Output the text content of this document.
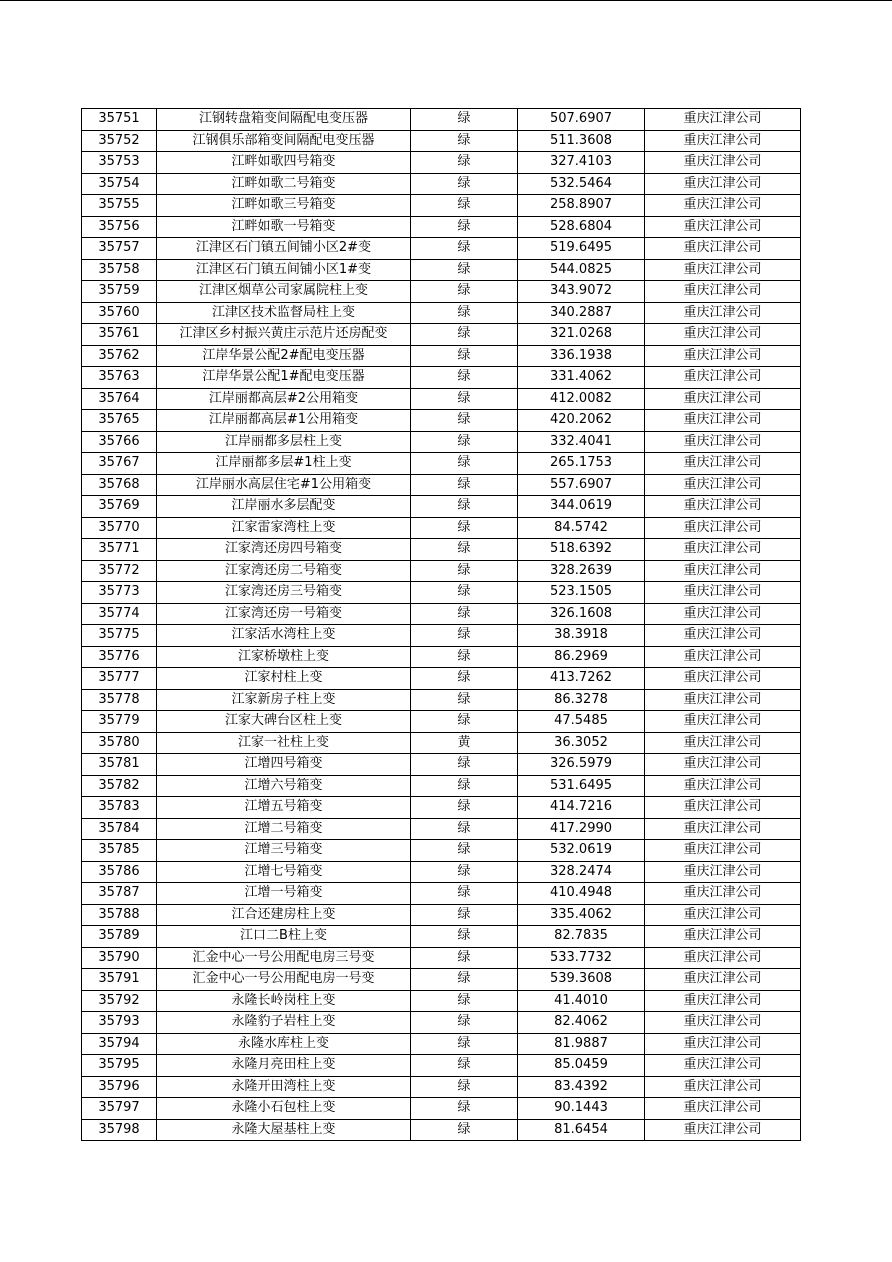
35751	江钢转盘箱变间隔配电变压器	绿	507.6907	重庆江津公司
35752	江钢俱乐部箱变间隔配电变压器	绿	511.3608	重庆江津公司
35753	江畔如歌四号箱变	绿	327.4103	重庆江津公司
35754	江畔如歌二号箱变	绿	532.5464	重庆江津公司
35755	江畔如歌三号箱变	绿	258.8907	重庆江津公司
35756	江畔如歌一号箱变	绿	528.6804	重庆江津公司
35757	江津区石门镇五间铺小区2#变	绿	519.6495	重庆江津公司
35758	江津区石门镇五间铺小区1#变	绿	544.0825	重庆江津公司
35759	江津区烟草公司家属院柱上变	绿	343.9072	重庆江津公司
35760	江津区技术监督局柱上变	绿	340.2887	重庆江津公司
35761	江津区乡村振兴黄庄示范片还房配变	绿	321.0268	重庆江津公司
35762	江岸华景公配2#配电变压器	绿	336.1938	重庆江津公司
35763	江岸华景公配1#配电变压器	绿	331.4062	重庆江津公司
35764	江岸丽都高层#2公用箱变	绿	412.0082	重庆江津公司
35765	江岸丽都高层#1公用箱变	绿	420.2062	重庆江津公司
35766	江岸丽都多层柱上变	绿	332.4041	重庆江津公司
35767	江岸丽都多层#1柱上变	绿	265.1753	重庆江津公司
35768	江岸丽水高层住宅#1公用箱变	绿	557.6907	重庆江津公司
35769	江岸丽水多层配变	绿	344.0619	重庆江津公司
35770	江家雷家湾柱上变	绿	84.5742	重庆江津公司
35771	江家湾还房四号箱变	绿	518.6392	重庆江津公司
35772	江家湾还房二号箱变	绿	328.2639	重庆江津公司
35773	江家湾还房三号箱变	绿	523.1505	重庆江津公司
35774	江家湾还房一号箱变	绿	326.1608	重庆江津公司
35775	江家活水湾柱上变	绿	38.3918	重庆江津公司
35776	江家桥墩柱上变	绿	86.2969	重庆江津公司
35777	江家村柱上变	绿	413.7262	重庆江津公司
35778	江家新房子柱上变	绿	86.3278	重庆江津公司
35779	江家大碑台区柱上变	绿	47.5485	重庆江津公司
35780	江家一社柱上变	黄	36.3052	重庆江津公司
35781	江增四号箱变	绿	326.5979	重庆江津公司
35782	江增六号箱变	绿	531.6495	重庆江津公司
35783	江增五号箱变	绿	414.7216	重庆江津公司
35784	江增二号箱变	绿	417.2990	重庆江津公司
35785	江增三号箱变	绿	532.0619	重庆江津公司
35786	江增七号箱变	绿	328.2474	重庆江津公司
35787	江增一号箱变	绿	410.4948	重庆江津公司
35788	江合还建房柱上变	绿	335.4062	重庆江津公司
35789	江口二B柱上变	绿	82.7835	重庆江津公司
35790	汇金中心一号公用配电房三号变	绿	533.7732	重庆江津公司
35791	汇金中心一号公用配电房一号变	绿	539.3608	重庆江津公司
35792	永隆长岭岗柱上变	绿	41.4010	重庆江津公司
35793	永隆豹子岩柱上变	绿	82.4062	重庆江津公司
35794	永隆水库柱上变	绿	81.9887	重庆江津公司
35795	永隆月亮田柱上变	绿	85.0459	重庆江津公司
35796	永隆开田湾柱上变	绿	83.4392	重庆江津公司
35797	永隆小石包柱上变	绿	90.1443	重庆江津公司
35798	永隆大屋基柱上变	绿	81.6454	重庆江津公司
